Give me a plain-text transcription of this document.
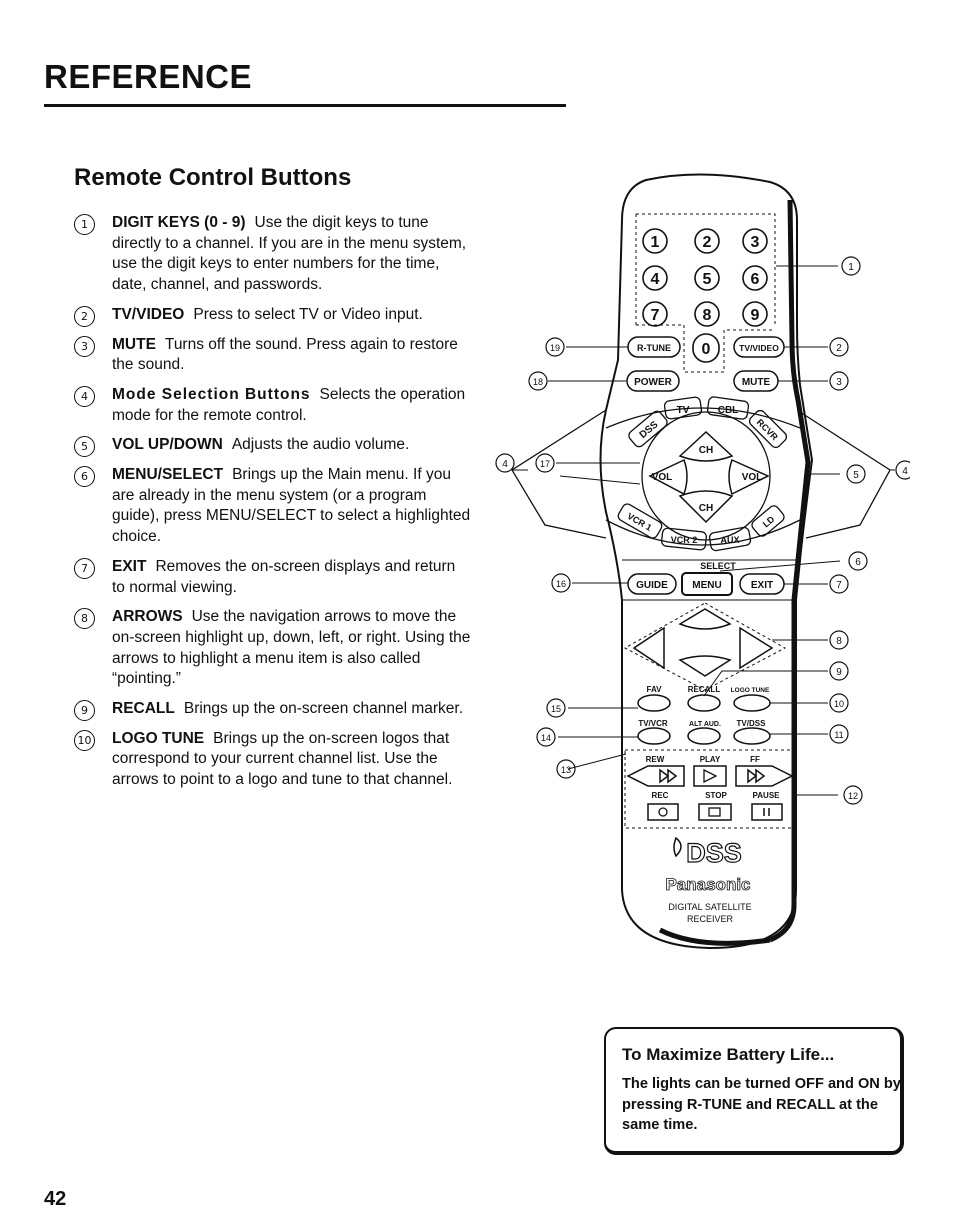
REFERENCE
Remote Control Buttons
1	DIGIT KEYS (0 - 9) Use the digit keys to tune directly to a channel. If you are in the menu system, use the digit keys to enter numbers for the time, date, channel, and passwords.
2	TV/VIDEO Press to select TV or Video input.
3	MUTE Turns off the sound. Press again to restore the sound.
4	Mode Selection Buttons Selects the operation mode for the remote control.
5	VOL UP/DOWN Adjusts the audio volume.
6	MENU/SELECT Brings up the Main menu. If you are already in the menu system (or a program guide), press MENU/SELECT to select a highlighted choice.
7	EXIT Removes the on-screen displays and return to normal viewing.
8	ARROWS Use the navigation arrows to move the on-screen highlight up, down, left, or right. Using the arrows to highlight a menu item is also called “pointing.”
9	RECALL Brings up the on-screen channel marker.
10 LOGO TUNE Brings up the on-screen logos that correspond to your current channel list. Use the arrows to point to a logo and tune to that channel.
1	2 3
4	5 6
7	8 9
0
R-TUNE	TV/VIDEO
POWER	MUTE
TV	CBL
DSS	RCVR
VCR 1
VCR 2	AUX
LD
CH
CH
VOL	VOL
SELECT
GUIDE MENU	EXIT
FAV	RECALL LOGO TUNE
TV/VCR	ALT AUD. TV/DSS
REW	PLAY	FF
REC	STOP	PAUSE
DSS
Panasonic
DIGITAL SATELLITE
RECEIVER
1
2
3
4
4
5
6
7
8
9
10
11
12
13
14
15
16
17
18
19
To Maximize Battery Life...

The lights can be turned OFF and ON by pressing R-TUNE and RECALL at the same time.

42
